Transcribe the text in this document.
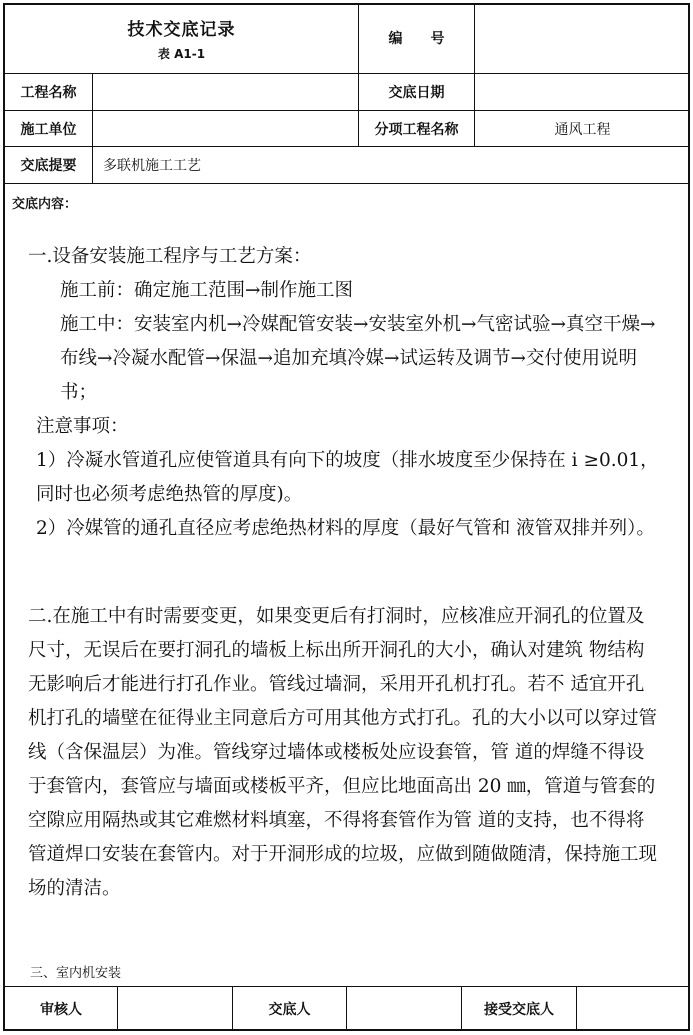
技术交底记录
表 A1-1
编　　号
工程名称	交底日期
施工单位	分项工程名称	通风工程
交底提要 多联机施工工艺
交底内容：

一.设备安装施工程序与工艺方案：

施工前：确定施工范围→制作施工图

施工中：安装室内机→冷媒配管安装→安装室外机→气密试验→真空干燥→布线→冷凝水配管→保温→追加充填冷媒→试运转及调节→交付使用说明书；

注意事项：

1）冷凝水管道孔应使管道具有向下的坡度（排水坡度至少保持在 i ≥0.01，同时也必须考虑绝热管的厚度)。

2）冷媒管的通孔直径应考虑绝热材料的厚度（最好气管和 液管双排并列）。

二.在施工中有时需要变更，如果变更后有打洞时，应核准应开洞孔的位置及尺寸，无误后在要打洞孔的墙板上标出所开洞孔的大小，确认对建筑 物结构无影响后才能进行打孔作业。管线过墙洞，采用开孔机打孔。若不 适宜开孔机打孔的墙壁在征得业主同意后方可用其他方式打孔。孔的大小以可以穿过管线（含保温层）为准。管线穿过墙体或楼板处应设套管，管 道的焊缝不得设于套管内，套管应与墙面或楼板平齐，但应比地面高出 20 ㎜，管道与管套的空隙应用隔热或其它难燃材料填塞，不得将套管作为管 道的支持，也不得将管道焊口安装在套管内。对于开洞形成的垃圾，应做到随做随清，保持施工现场的清洁。

三、室内机安装
审核人	交底人	接受交底人
